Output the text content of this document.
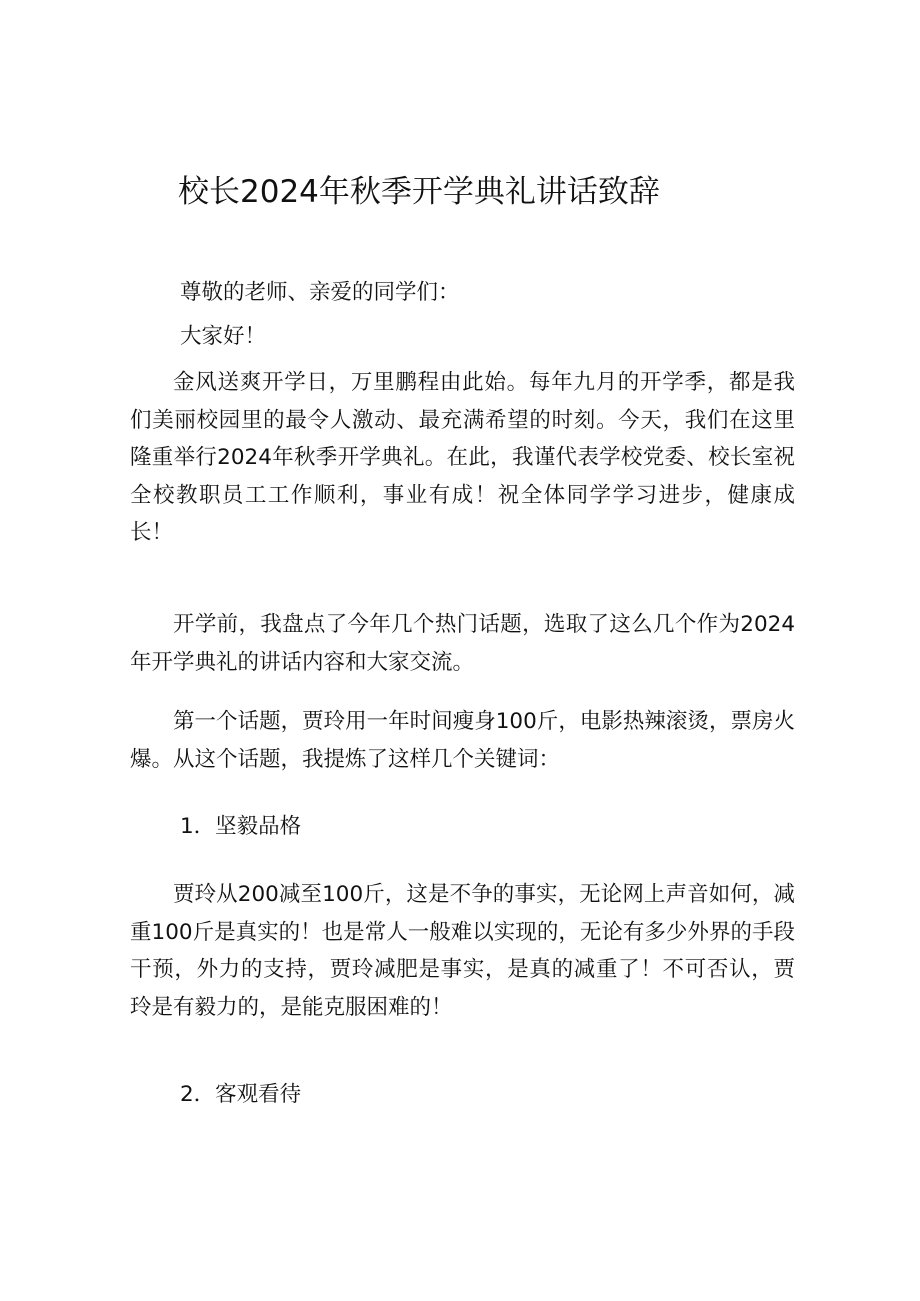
校长2024年秋季开学典礼讲话致辞
尊敬的老师、亲爱的同学们：
大家好！

金风送爽开学日，万里鹏程由此始。每年九月的开学季，都是我们美丽校园里的最令人激动、最充满希望的时刻。今天，我们在这里隆重举行2024年秋季开学典礼。在此，我谨代表学校党委、校长室祝全校教职员工工作顺利，事业有成！祝全体同学学习进步，健康成长！

开学前，我盘点了今年几个热门话题，选取了这么几个作为2024年开学典礼的讲话内容和大家交流。

第一个话题，贾玲用一年时间瘦身100斤，电影热辣滚烫，票房火爆。从这个话题，我提炼了这样几个关键词：

1．坚毅品格

贾玲从200减至100斤，这是不争的事实，无论网上声音如何，减重100斤是真实的！也是常人一般难以实现的，无论有多少外界的手段干预，外力的支持，贾玲减肥是事实，是真的减重了！不可否认，贾玲是有毅力的，是能克服困难的！

2．客观看待
